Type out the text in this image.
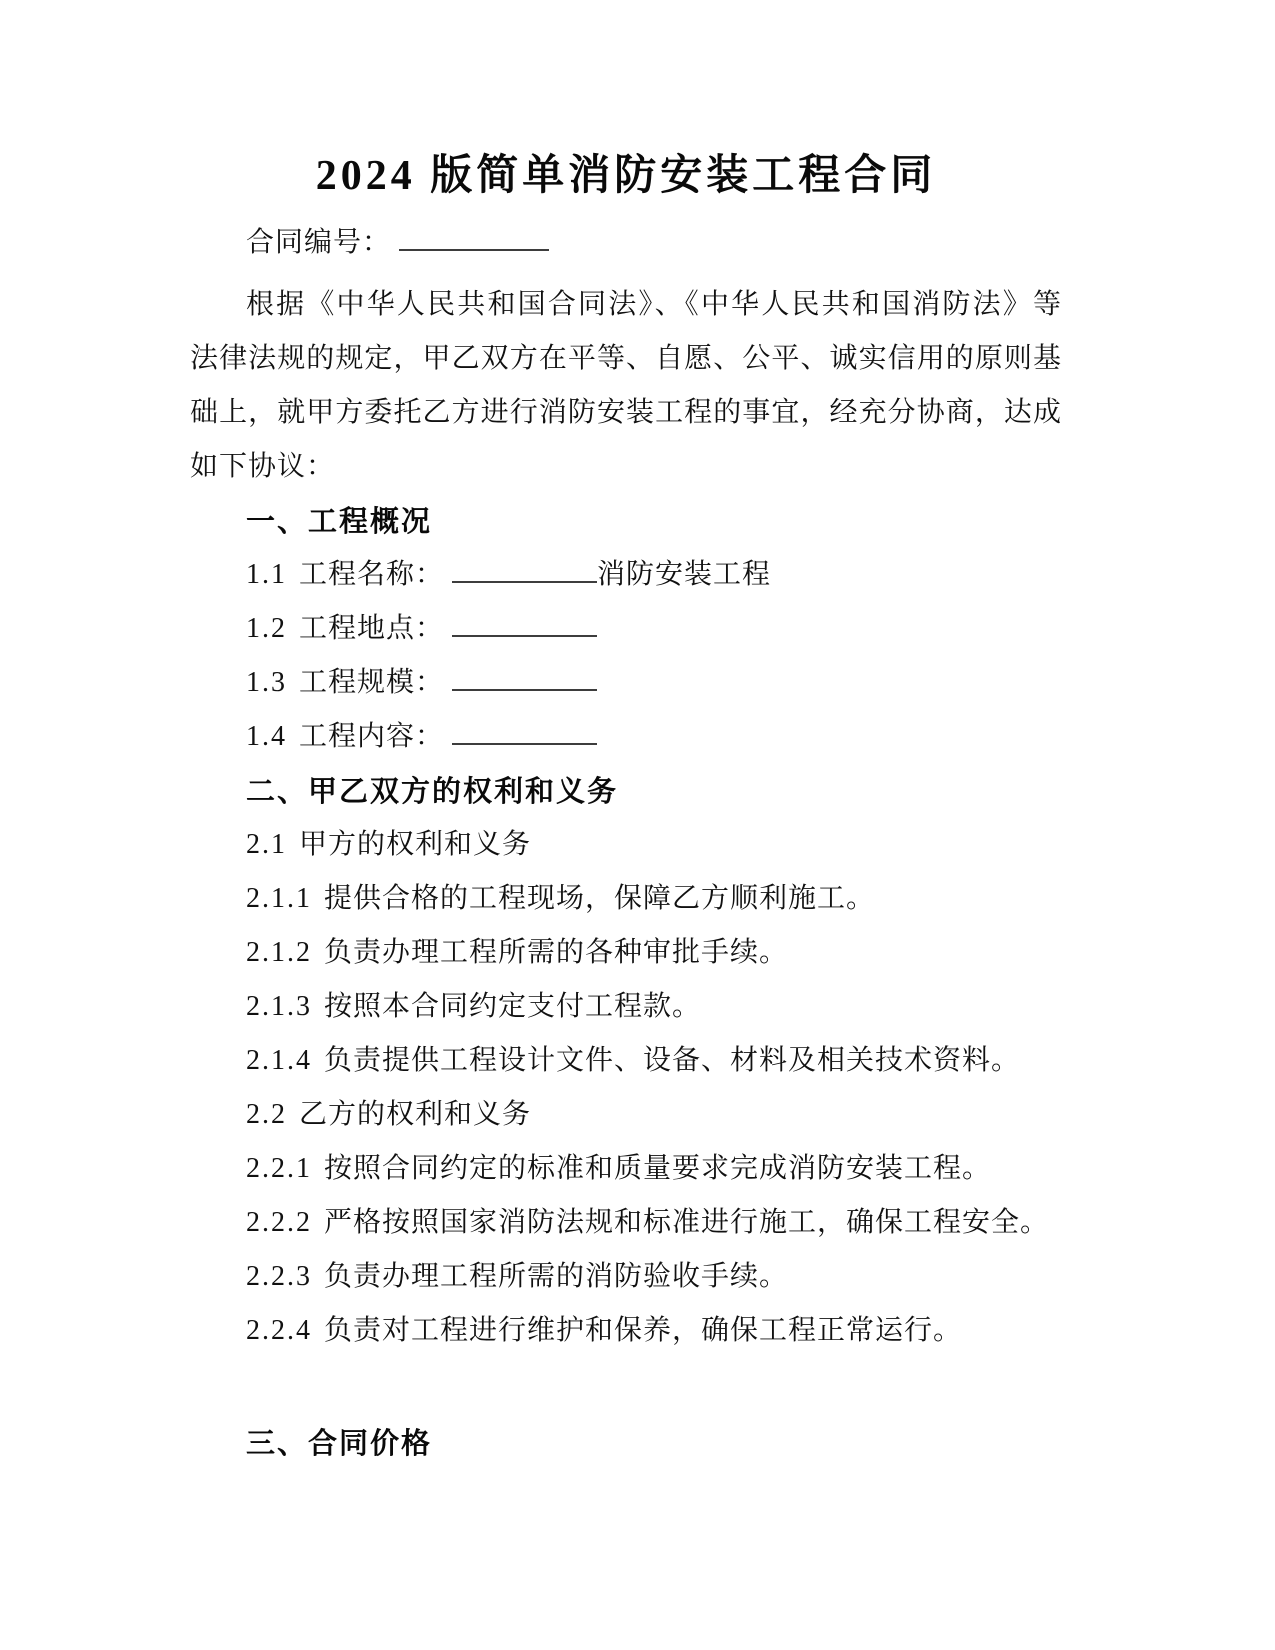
2024 版简单消防安装工程合同

合同编号：

根据《中华人民共和国合同法》、《中华人民共和国消防法》等

法律法规的规定，甲乙双方在平等、自愿、公平、诚实信用的原则基

础上，就甲方委托乙方进行消防安装工程的事宜，经充分协商，达成

如下协议：

一、工程概况

1.1 工程名称：	消防安装工程

1.2 工程地点：

1.3 工程规模：

1.4 工程内容：

二、甲乙双方的权利和义务

2.1 甲方的权利和义务

2.1.1 提供合格的工程现场，保障乙方顺利施工。

2.1.2 负责办理工程所需的各种审批手续。

2.1.3 按照本合同约定支付工程款。

2.1.4 负责提供工程设计文件、设备、材料及相关技术资料。

2.2 乙方的权利和义务

2.2.1 按照合同约定的标准和质量要求完成消防安装工程。

2.2.2 严格按照国家消防法规和标准进行施工，确保工程安全。

2.2.3 负责办理工程所需的消防验收手续。

2.2.4 负责对工程进行维护和保养，确保工程正常运行。

三、合同价格
